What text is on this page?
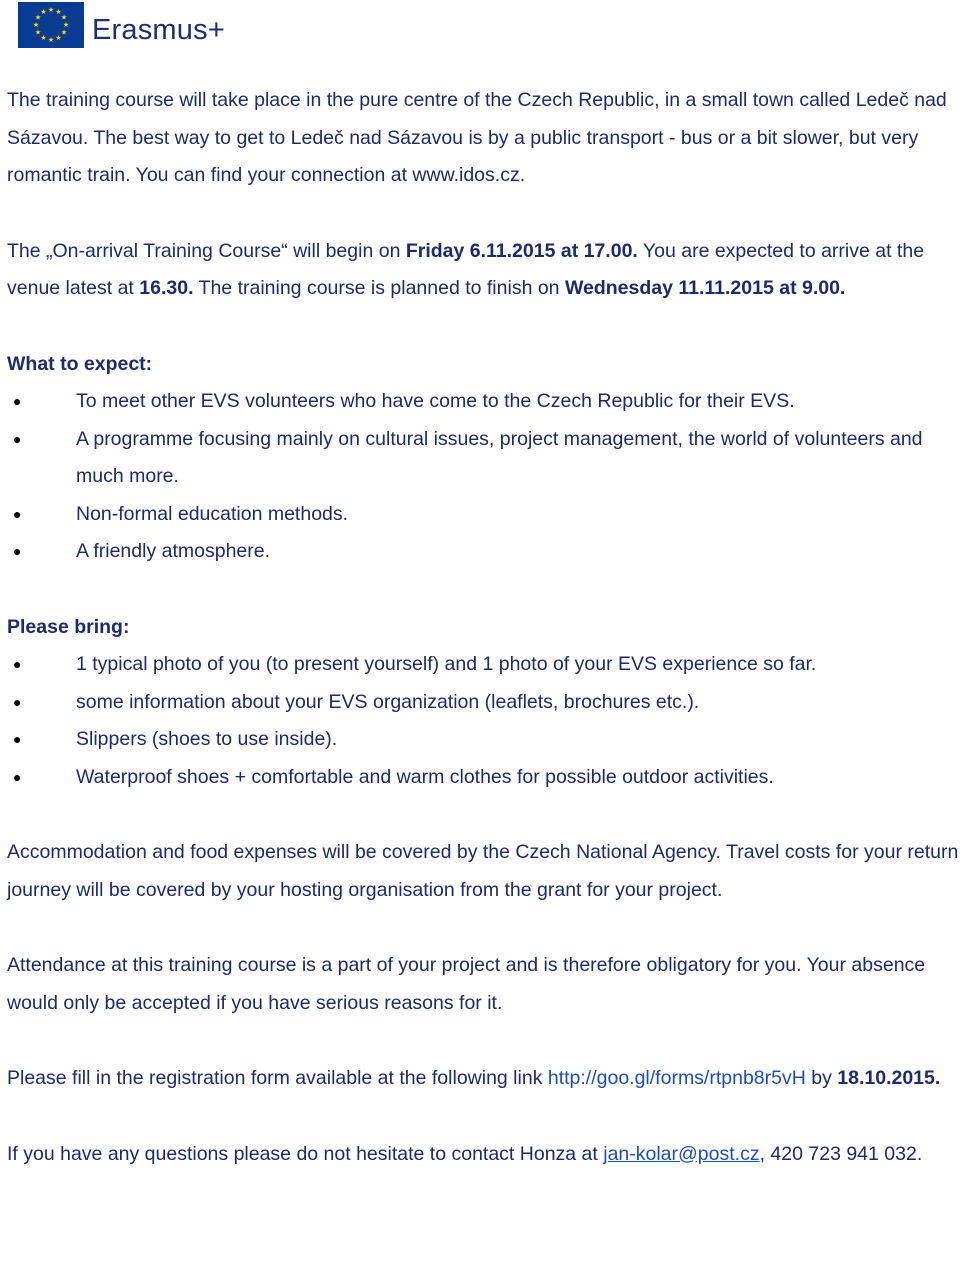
★ ★
★
★
★
★
★
★
★
★
★
★
Erasmus+

The training course will take place in the pure centre of the Czech Republic, in a small town called Ledeč nad Sázavou. The best way to get to Ledeč nad Sázavou is by a public transport - bus or a bit slower, but very romantic train. You can find your connection at www.idos.cz.

The „On-arrival Training Course“ will begin on Friday 6.11.2015 at 17.00. You are expected to arrive at the venue latest at 16.30. The training course is planned to finish on Wednesday 11.11.2015 at 9.00.

What to expect:

●	To meet other EVS volunteers who have come to the Czech Republic for their EVS.
●	A programme focusing mainly on cultural issues, project management, the world of volunteers and much more.
●	Non-formal education methods.
●	A friendly atmosphere.

Please bring:

●	1 typical photo of you (to present yourself) and 1 photo of your EVS experience so far.
●	some information about your EVS organization (leaflets, brochures etc.).
●	Slippers (shoes to use inside).
●	Waterproof shoes + comfortable and warm clothes for possible outdoor activities.

Accommodation and food expenses will be covered by the Czech National Agency. Travel costs for your return journey will be covered by your hosting organisation from the grant for your project.

Attendance at this training course is a part of your project and is therefore obligatory for you. Your absence would only be accepted if you have serious reasons for it.

Please fill in the registration form available at the following link http://goo.gl/forms/rtpnb8r5vH by 18.10.2015.

If you have any questions please do not hesitate to contact Honza at jan-kolar@post.cz, 420 723 941 032.
